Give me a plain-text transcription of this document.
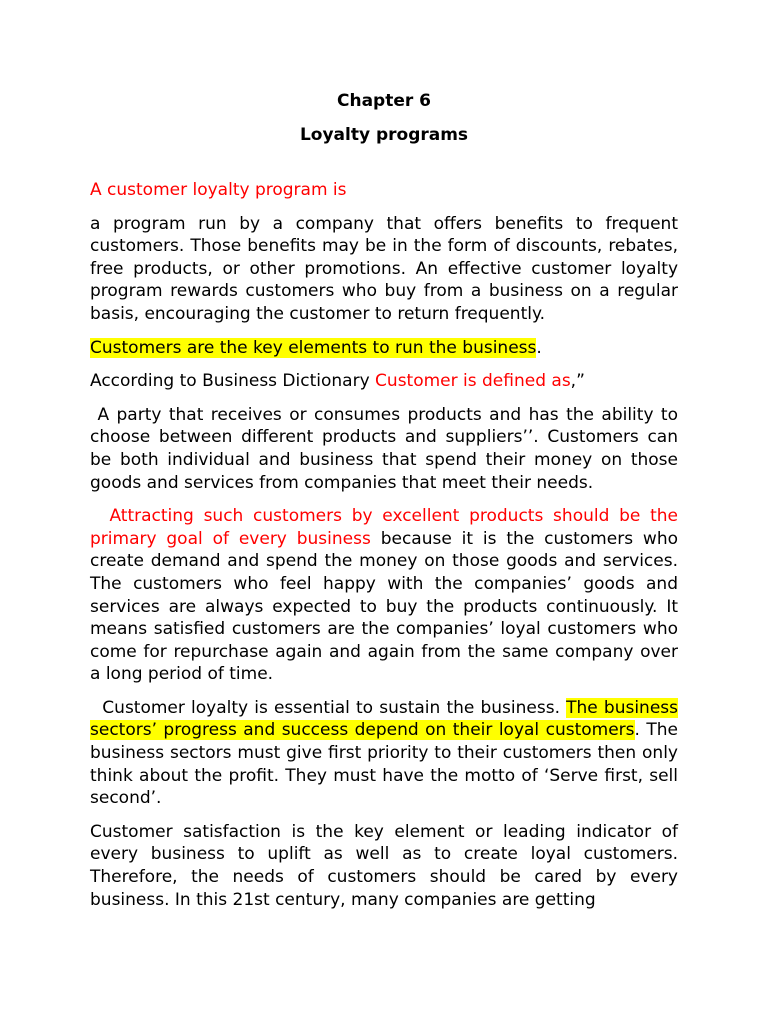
Chapter 6
Loyalty programs

A customer loyalty program is

a program run by a company that offers benefits to frequent customers. Those benefits may be in the form of discounts, rebates, free products, or other promotions. An effective customer loyalty program rewards customers who buy from a business on a regular basis, encouraging the customer to return frequently.

Customers are the key elements to run the business.

According to Business Dictionary Customer is defined as,”

A party that receives or consumes products and has the ability to choose between different products and suppliers’’. Customers can be both individual and business that spend their money on those goods and services from companies that meet their needs.

Attracting such customers by excellent products should be the primary goal of every business because it is the customers who create demand and spend the money on those goods and services. The customers who feel happy with the companies’ goods and services are always expected to buy the products continuously. It means satisfied customers are the companies’ loyal customers who come for repurchase again and again from the same company over a long period of time.

Customer loyalty is essential to sustain the business. The business sectors’ progress and success depend on their loyal customers. The business sectors must give first priority to their customers then only think about the profit. They must have the motto of ‘Serve first, sell second’.

Customer satisfaction is the key element or leading indicator of every business to uplift as well as to create loyal customers. Therefore, the needs of customers should be cared by every business. In this 21st century, many companies are getting
